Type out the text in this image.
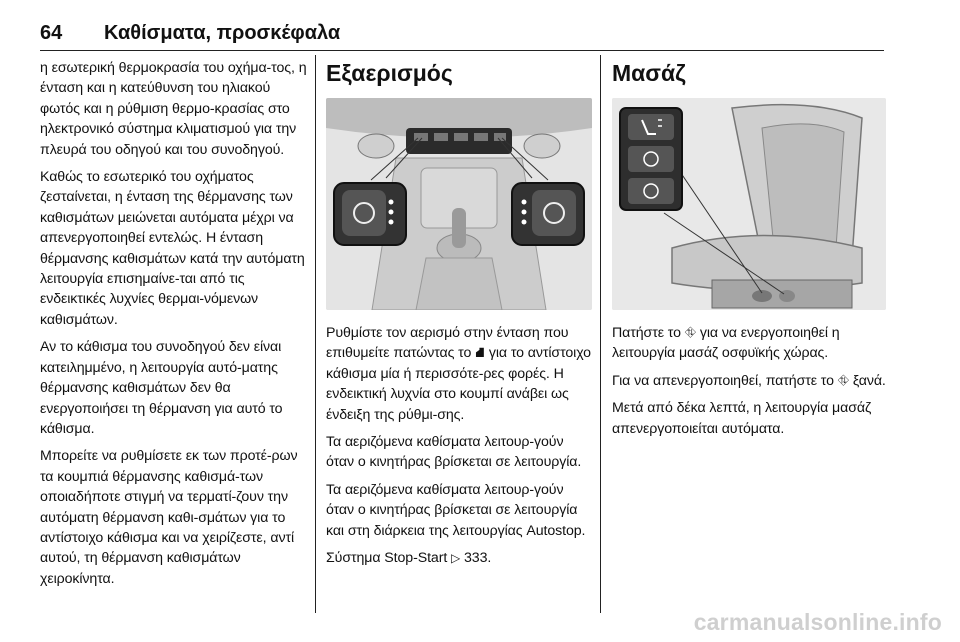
64 Καθίσματα, προσκέφαλα

η εσωτερική θερμοκρασία του οχήμα-τος, η ένταση και η κατεύθυνση του ηλιακού φωτός και η ρύθμιση θερμο-κρασίας στο ηλεκτρονικό σύστημα κλιματισμού για την πλευρά του οδηγού και του συνοδηγού.

Καθώς το εσωτερικό του οχήματος ζεσταίνεται, η ένταση της θέρμανσης των καθισμάτων μειώνεται αυτόματα μέχρι να απενεργοποιηθεί εντελώς. Η ένταση θέρμανσης καθισμάτων κατά την αυτόματη λειτουργία επισημαίνε-ται από τις ενδεικτικές λυχνίες θερμαι-νόμενων καθισμάτων.

Αν το κάθισμα του συνοδηγού δεν είναι κατειλημμένο, η λειτουργία αυτό-ματης θέρμανσης καθισμάτων δεν θα ενεργοποιήσει τη θέρμανση για αυτό το κάθισμα.

Μπορείτε να ρυθμίσετε εκ των προτέ-ρων τα κουμπιά θέρμανσης καθισμά-των οποιαδήποτε στιγμή να τερματί-ζουν την αυτόματη θέρμανση καθι-σμάτων για το αντίστοιχο κάθισμα και να χειρίζεστε, αντί αυτού, τη θέρμανση καθισμάτων χειροκίνητα.

Εξαερισμός

Ρυθμίστε τον αερισμό στην ένταση που επιθυμείτε πατώντας το ⛘ για το αντίστοιχο κάθισμα μία ή περισσότε-ρες φορές. Η ενδεικτική λυχνία στο κουμπί ανάβει ως ένδειξη της ρύθμι-σης.

Τα αεριζόμενα καθίσματα λειτουρ-γούν όταν ο κινητήρας βρίσκεται σε λειτουργία.

Τα αεριζόμενα καθίσματα λειτουρ-γούν όταν ο κινητήρας βρίσκεται σε λειτουργία και στη διάρκεια της λειτουργίας Autostop.

Σύστημα Stop-Start ▷ 333.

Μασάζ

Πατήστε το ⛗ για να ενεργοποιηθεί η λειτουργία μασάζ οσφυϊκής χώρας.

Για να απενεργοποιηθεί, πατήστε το ⛗ ξανά.

Μετά από δέκα λεπτά, η λειτουργία μασάζ απενεργοποιείται αυτόματα.

carmanualsonline.info
